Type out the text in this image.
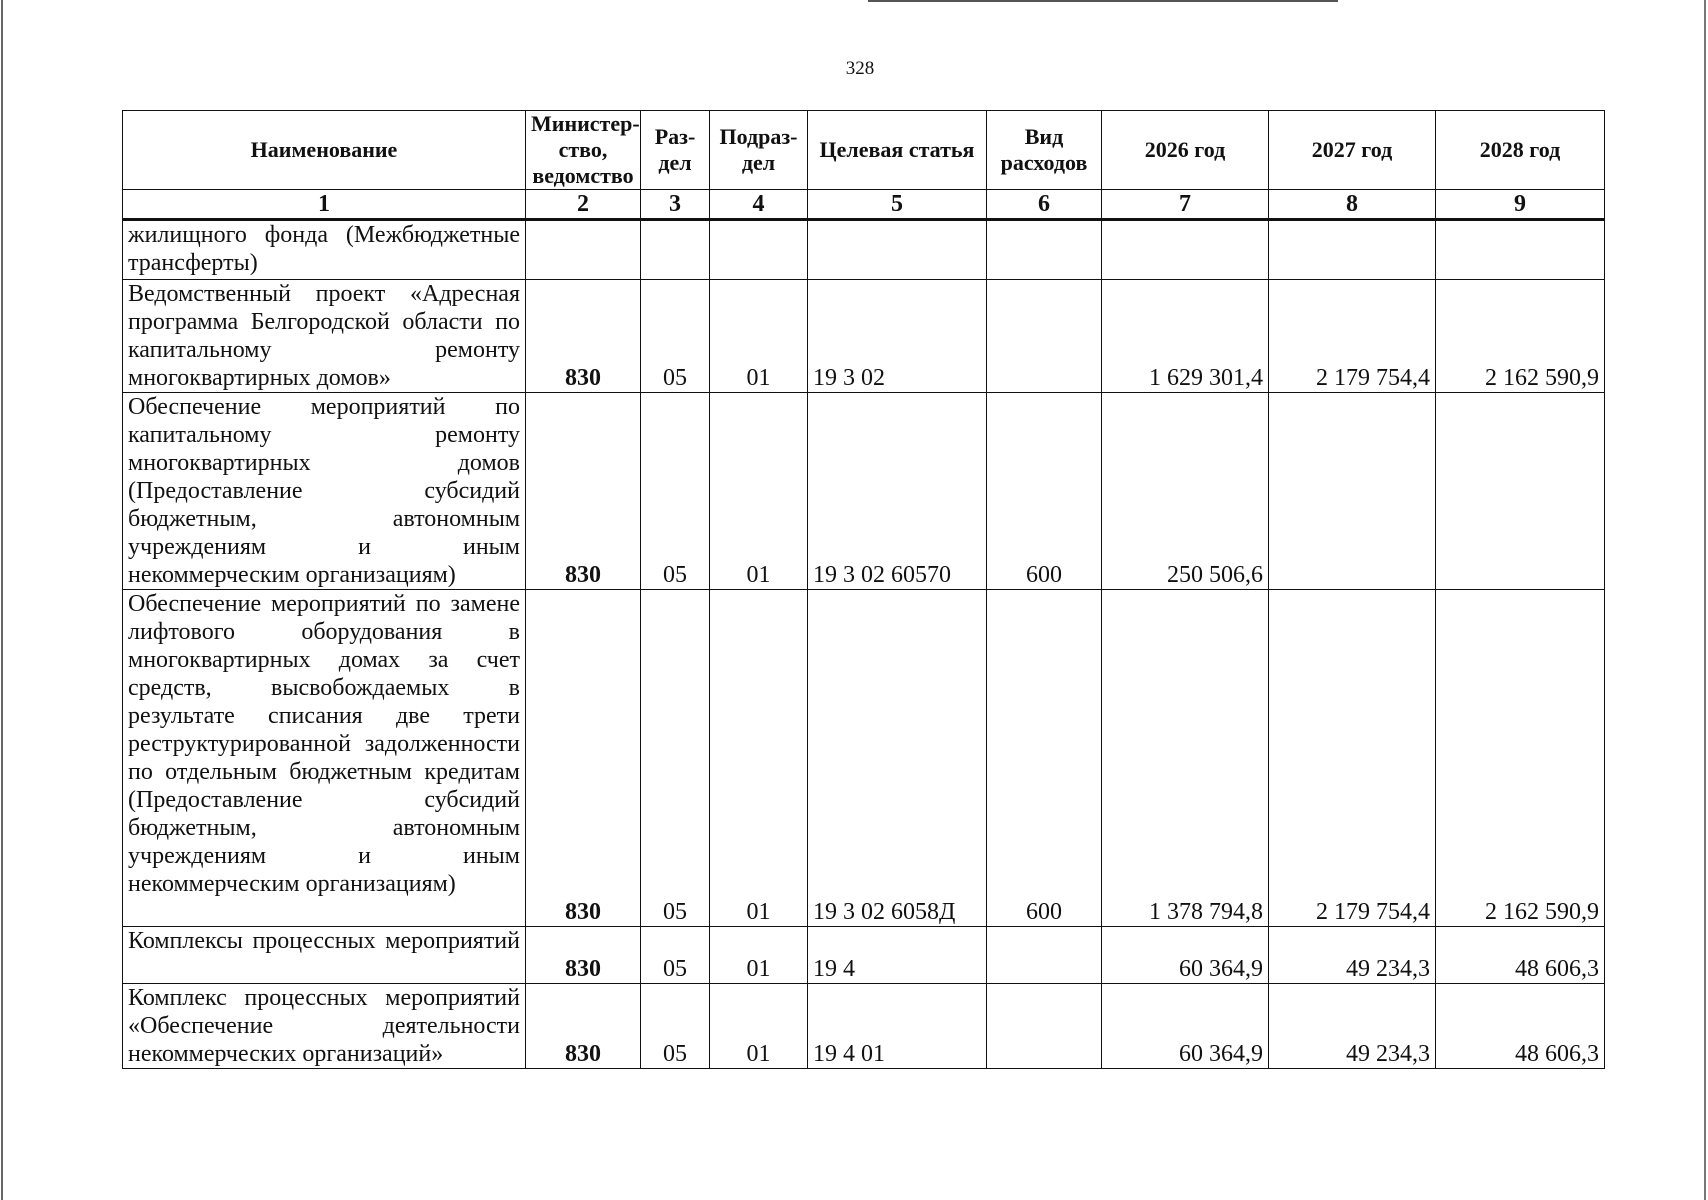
328
Наименование	Министер-ство, ведомство	Раз-дел	Подраз-дел	Целевая статья	Вид расходов	2026 год	2027 год	2028 год
1	2	3	4	5	6	7	8	9
жилищного фонда (Межбюджетные трансферты)								
Ведомственный проект «Адресная программа Белгородской области по капитальному ремонту многоквартирных домов»	830	05	01	19 3 02		1 629 301,4	2 179 754,4	2 162 590,9
Обеспечение мероприятий по капитальному ремонту многоквартирных домов (Предоставление субсидий бюджетным, автономным учреждениям и иным некоммерческим организациям)	830	05	01	19 3 02 60570	600	250 506,6		
Обеспечение мероприятий по замене лифтового оборудования в многоквартирных домах за счет средств, высвобождаемых в результате списания две трети реструктурированной задолженности по отдельным бюджетным кредитам (Предоставление субсидий бюджетным, автономным учреждениям и иным некоммерческим организациям)	830	05	01	19 3 02 6058Д	600	1 378 794,8	2 179 754,4	2 162 590,9
Комплексы процессных мероприятий	830	05	01	19 4		60 364,9	49 234,3	48 606,3
Комплекс процессных мероприятий «Обеспечение деятельности некоммерческих организаций»	830	05	01	19 4 01		60 364,9	49 234,3	48 606,3
